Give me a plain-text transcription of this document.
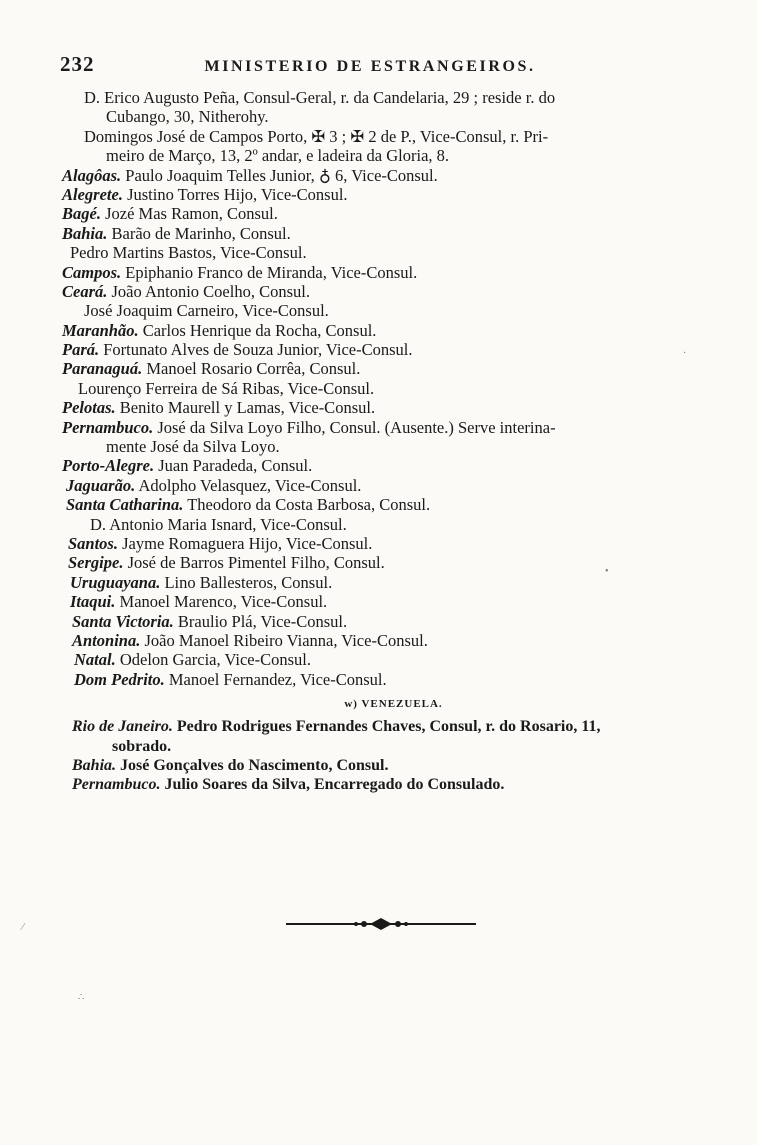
232	MINISTERIO DE ESTRANGEIROS.
D. Erico Augusto Peña, Consul-Geral, r. da Candelaria, 29 ; reside r. do
Cubango, 30, Nitherohy.
Domingos José de Campos Porto, ✠ 3 ; ✠ 2 de P., Vice-Consul, r. Pri-
meiro de Março, 13, 2º andar, e ladeira da Gloria, 8.
Alagôas. Paulo Joaquim Telles Junior, ♁ 6, Vice-Consul.
Alegrete. Justino Torres Hijo, Vice-Consul.
Bagé. Jozé Mas Ramon, Consul.
Bahia. Barão de Marinho, Consul.
Pedro Martins Bastos, Vice-Consul.
Campos. Epiphanio Franco de Miranda, Vice-Consul.
Ceará. João Antonio Coelho, Consul.
José Joaquim Carneiro, Vice-Consul.
Maranhão. Carlos Henrique da Rocha, Consul.
Pará. Fortunato Alves de Souza Junior, Vice-Consul.
Paranaguá. Manoel Rosario Corrêa, Consul.
Lourenço Ferreira de Sá Ribas, Vice-Consul.
Pelotas. Benito Maurell y Lamas, Vice-Consul.
Pernambuco. José da Silva Loyo Filho, Consul. (Ausente.) Serve interina-
mente José da Silva Loyo.
Porto-Alegre. Juan Paradeda, Consul.
Jaguarão. Adolpho Velasquez, Vice-Consul.
Santa Catharina. Theodoro da Costa Barbosa, Consul.
D. Antonio Maria Isnard, Vice-Consul.
Santos. Jayme Romaguera Hijo, Vice-Consul.
Sergipe. José de Barros Pimentel Filho, Consul.
Uruguayana. Lino Ballesteros, Consul.
Itaqui. Manoel Marenco, Vice-Consul.
Santa Victoria. Braulio Plá, Vice-Consul.
Antonina. João Manoel Ribeiro Vianna, Vice-Consul.
Natal. Odelon Garcia, Vice-Consul.
Dom Pedrito. Manoel Fernandez, Vice-Consul.
w) VENEZUELA.
Rio de Janeiro. Pedro Rodrigues Fernandes Chaves, Consul, r. do Rosario, 11,
sobrado.
Bahia. José Gonçalves do Nascimento, Consul.
Pernambuco. Julio Soares da Silva, Encarregado do Consulado.
⁄
∴
•
·
